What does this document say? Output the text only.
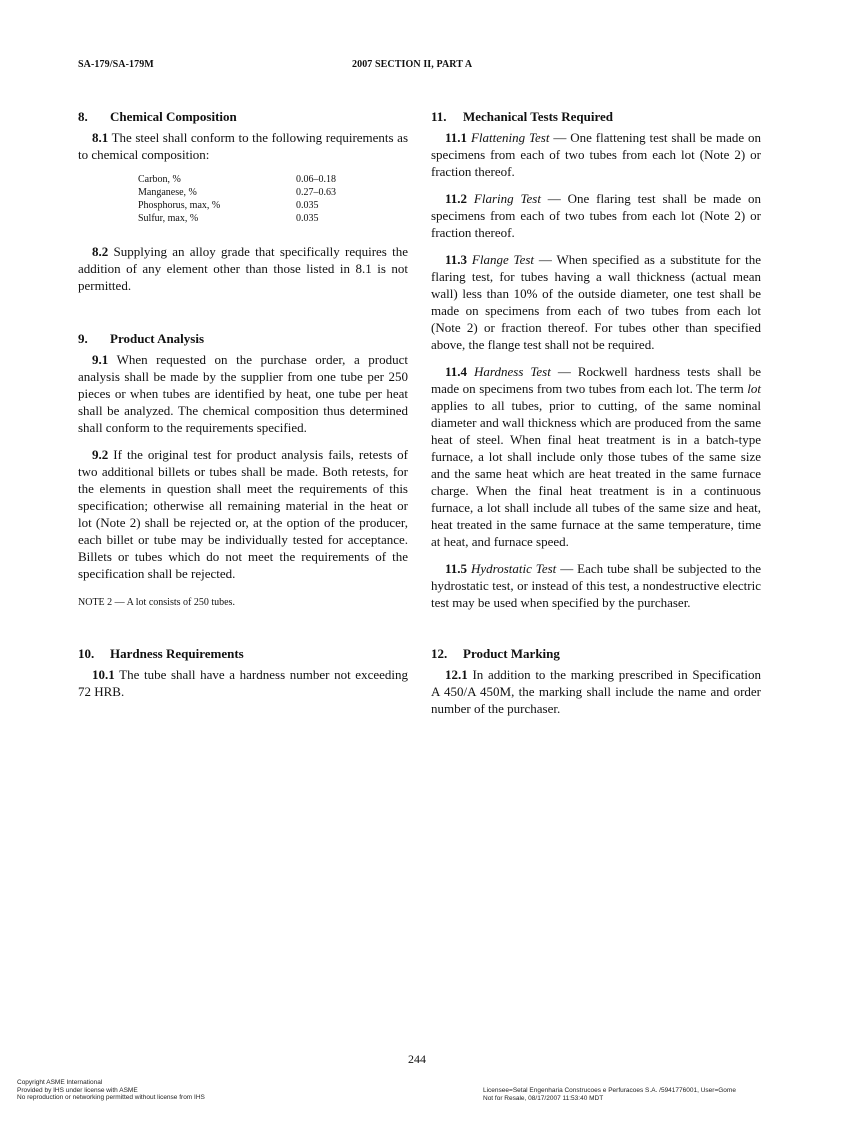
SA-179/SA-179M	2007 SECTION II, PART A
8. Chemical Composition

8.1 The steel shall conform to the following requirements as to chemical composition:

Carbon, %	0.06–0.18
Manganese, %	0.27–0.63
Phosphorus, max, %	0.035
Sulfur, max, %	0.035

8.2 Supplying an alloy grade that specifically requires the addition of any element other than those listed in 8.1 is not permitted.

9. Product Analysis

9.1 When requested on the purchase order, a product analysis shall be made by the supplier from one tube per 250 pieces or when tubes are identified by heat, one tube per heat shall be analyzed. The chemical composition thus determined shall conform to the requirements specified.

9.2 If the original test for product analysis fails, retests of two additional billets or tubes shall be made. Both retests, for the elements in question shall meet the requirements of this specification; otherwise all remaining material in the heat or lot (Note 2) shall be rejected or, at the option of the producer, each billet or tube may be individually tested for acceptance. Billets or tubes which do not meet the requirements of the specification shall be rejected.

NOTE 2 — A lot consists of 250 tubes.

10. Hardness Requirements

10.1 The tube shall have a hardness number not exceeding 72 HRB.

11. Mechanical Tests Required

11.1 Flattening Test — One flattening test shall be made on specimens from each of two tubes from each lot (Note 2) or fraction thereof.

11.2 Flaring Test — One flaring test shall be made on specimens from each of two tubes from each lot (Note 2) or fraction thereof.

11.3 Flange Test — When specified as a substitute for the flaring test, for tubes having a wall thickness (actual mean wall) less than 10% of the outside diameter, one test shall be made on specimens from each of two tubes from each lot (Note 2) or fraction thereof. For tubes other than specified above, the flange test shall not be required.

11.4 Hardness Test — Rockwell hardness tests shall be made on specimens from two tubes from each lot. The term lot applies to all tubes, prior to cutting, of the same nominal diameter and wall thickness which are produced from the same heat of steel. When final heat treatment is in a batch-type furnace, a lot shall include only those tubes of the same size and the same heat which are heat treated in the same furnace charge. When the final heat treatment is in a continuous furnace, a lot shall include all tubes of the same size and heat, heat treated in the same furnace at the same temperature, time at heat, and furnace speed.

11.5 Hydrostatic Test — Each tube shall be subjected to the hydrostatic test, or instead of this test, a nondestructive electric test may be used when specified by the purchaser.

12. Product Marking

12.1 In addition to the marking prescribed in Specification A 450/A 450M, the marking shall include the name and order number of the purchaser.

244
Copyright ASME International
Provided by IHS under license with ASME
No reproduction or networking permitted without license from IHS
Licensee=Setal Engenharia Construcoes e Perfuracoes S.A. /5941776001, User=Gome
Not for Resale, 08/17/2007 11:53:40 MDT
